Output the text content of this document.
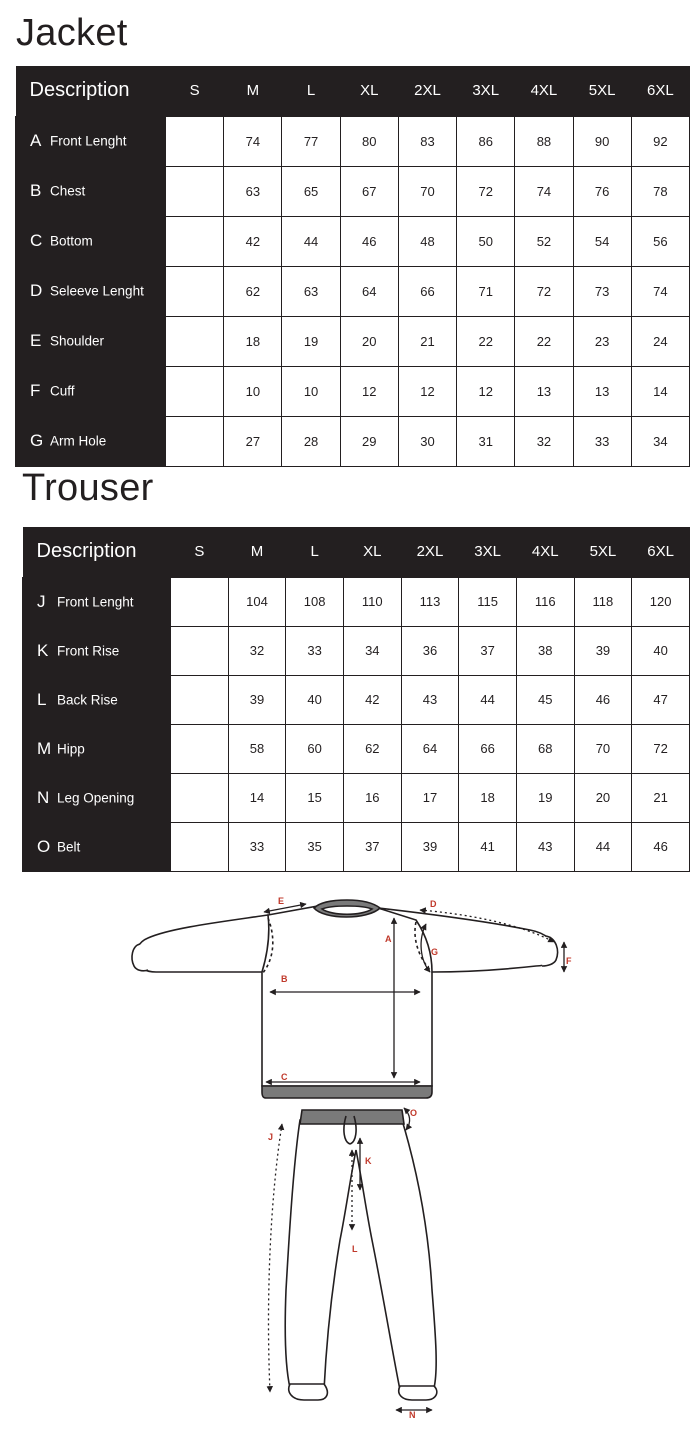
Jacket
Description	S	M	L	XL	2XL	3XL	4XL	5XL	6XL
A Front Lenght		74	77	80	83	86	88	90	92
B Chest		63	65	67	70	72	74	76	78
C Bottom		42	44	46	48	50	52	54	56
D Seleeve Lenght		62	63	64	66	71	72	73	74
E Shoulder		18	19	20	21	22	22	23	24
F Cuff		10	10	12	12	12	13	13	14
G Arm Hole		27	28	29	30	31	32	33	34
Trouser
Description	S	M	L	XL	2XL	3XL	4XL	5XL	6XL
J Front Lenght		104	108	110	113	115	116	118	120
K Front Rise		32	33	34	36	37	38	39	40
L Back Rise		39	40	42	43	44	45	46	47
M Hipp		58	60	62	64	66	68	70	72
N Leg Opening		14	15	16	17	18	19	20	21
O Belt		33	35	37	39	41	43	44	46
A
B
C
D
E
F
G
J
K
L
N
O
